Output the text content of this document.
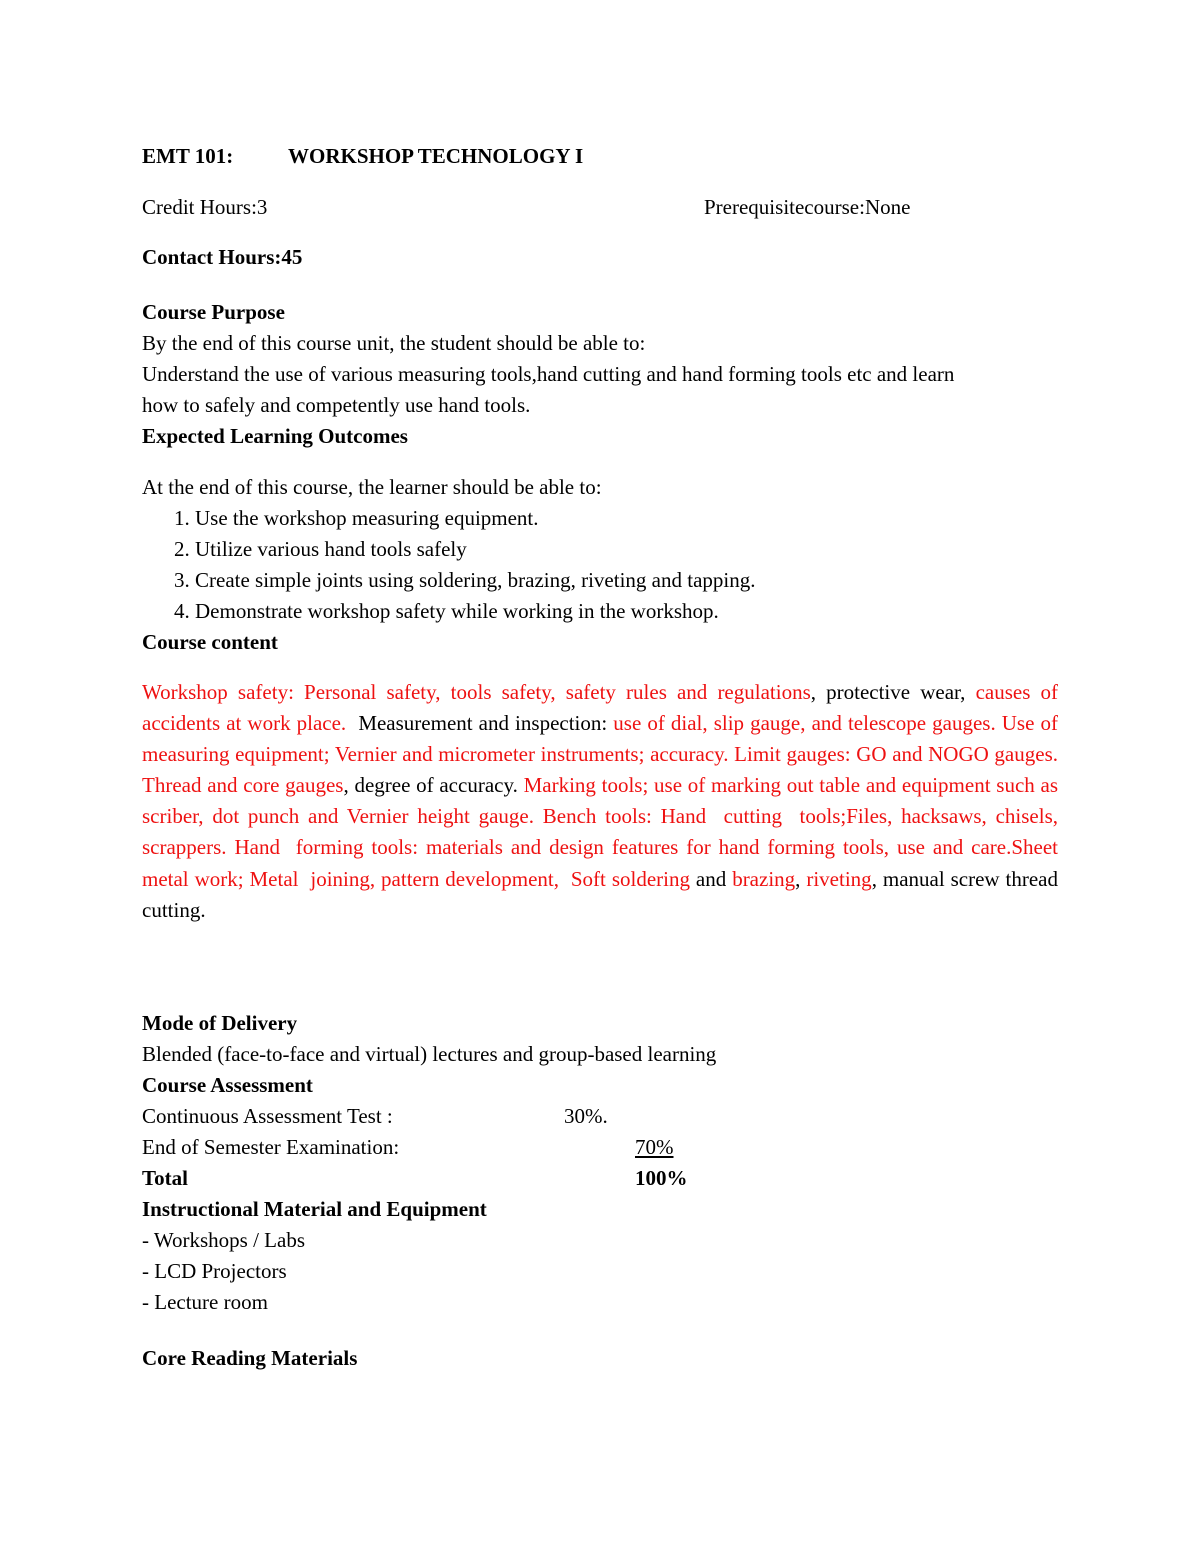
EMT 101:	WORKSHOP TECHNOLOGY I
Credit Hours:3	Prerequisitecourse:None
Contact Hours:45
Course Purpose
By the end of this course unit, the student should be able to:
Understand the use of various measuring tools,hand cutting and hand forming tools etc and learn
how to safely and competently use hand tools.
Expected Learning Outcomes
At the end of this course, the learner should be able to:
1. Use the workshop measuring equipment.
2. Utilize various hand tools safely
3. Create simple joints using soldering, brazing, riveting and tapping.
4. Demonstrate workshop safety while working in the workshop.
Course content
Workshop safety: Personal safety, tools safety, safety rules and regulations, protective wear, causes of accidents at work place.  Measurement and inspection: use of dial, slip gauge, and telescope gauges. Use of measuring equipment; Vernier and micrometer instruments; accuracy. Limit gauges: GO and NOGO gauges. Thread and core gauges, degree of accuracy. Marking tools; use of marking out table and equipment such as scriber, dot punch and Vernier height gauge. Bench tools: Hand  cutting  tools;Files, hacksaws, chisels, scrappers. Hand  forming tools: materials and design features for hand forming tools, use and care.Sheet metal work; Metal  joining, pattern development,  Soft soldering and brazing, riveting, manual screw thread cutting.
Mode of Delivery
Blended (face-to-face and virtual) lectures and group-based learning
Course Assessment
Continuous Assessment Test :	30%.
End of Semester Examination:	70%
Total	100%
Instructional Material and Equipment
- Workshops / Labs
- LCD Projectors
- Lecture room
Core Reading Materials
